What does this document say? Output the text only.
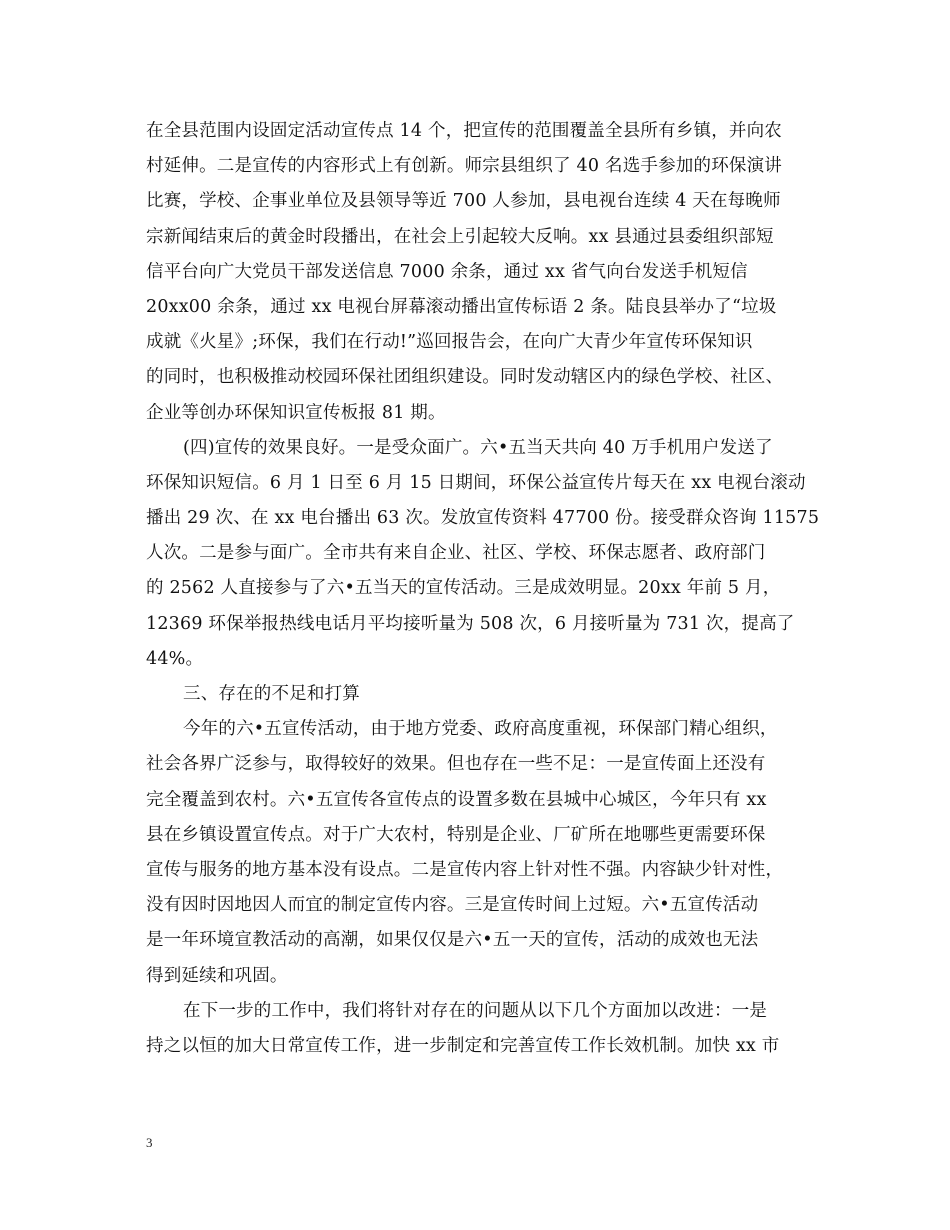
在全县范围内设固定活动宣传点 14 个，把宣传的范围覆盖全县所有乡镇，并向农
村延伸。二是宣传的内容形式上有创新。师宗县组织了 40 名选手参加的环保演讲
比赛，学校、企事业单位及县领导等近 700 人参加，县电视台连续 4 天在每晚师
宗新闻结束后的黄金时段播出，在社会上引起较大反响。xx 县通过县委组织部短
信平台向广大党员干部发送信息 7000 余条，通过 xx 省气向台发送手机短信
20xx00 余条，通过 xx 电视台屏幕滚动播出宣传标语 2 条。陆良县举办了“垃圾
成就《火星》;环保，我们在行动!”巡回报告会，在向广大青少年宣传环保知识
的同时，也积极推动校园环保社团组织建设。同时发动辖区内的绿色学校、社区、
企业等创办环保知识宣传板报 81 期。
(四)宣传的效果良好。一是受众面广。六•五当天共向 40 万手机用户发送了
环保知识短信。6 月 1 日至 6 月 15 日期间，环保公益宣传片每天在 xx 电视台滚动
播出 29 次、在 xx 电台播出 63 次。发放宣传资料 47700 份。接受群众咨询 11575
人次。二是参与面广。全市共有来自企业、社区、学校、环保志愿者、政府部门
的 2562 人直接参与了六•五当天的宣传活动。三是成效明显。20xx 年前 5 月，
12369 环保举报热线电话月平均接听量为 508 次，6 月接听量为 731 次，提高了
44%。
三、存在的不足和打算
今年的六•五宣传活动，由于地方党委、政府高度重视，环保部门精心组织，
社会各界广泛参与，取得较好的效果。但也存在一些不足：一是宣传面上还没有
完全覆盖到农村。六•五宣传各宣传点的设置多数在县城中心城区，今年只有 xx
县在乡镇设置宣传点。对于广大农村，特别是企业、厂矿所在地哪些更需要环保
宣传与服务的地方基本没有设点。二是宣传内容上针对性不强。内容缺少针对性，
没有因时因地因人而宜的制定宣传内容。三是宣传时间上过短。六•五宣传活动
是一年环境宣教活动的高潮，如果仅仅是六•五一天的宣传，活动的成效也无法
得到延续和巩固。
在下一步的工作中，我们将针对存在的问题从以下几个方面加以改进：一是
持之以恒的加大日常宣传工作，进一步制定和完善宣传工作长效机制。加快 xx 市
3
